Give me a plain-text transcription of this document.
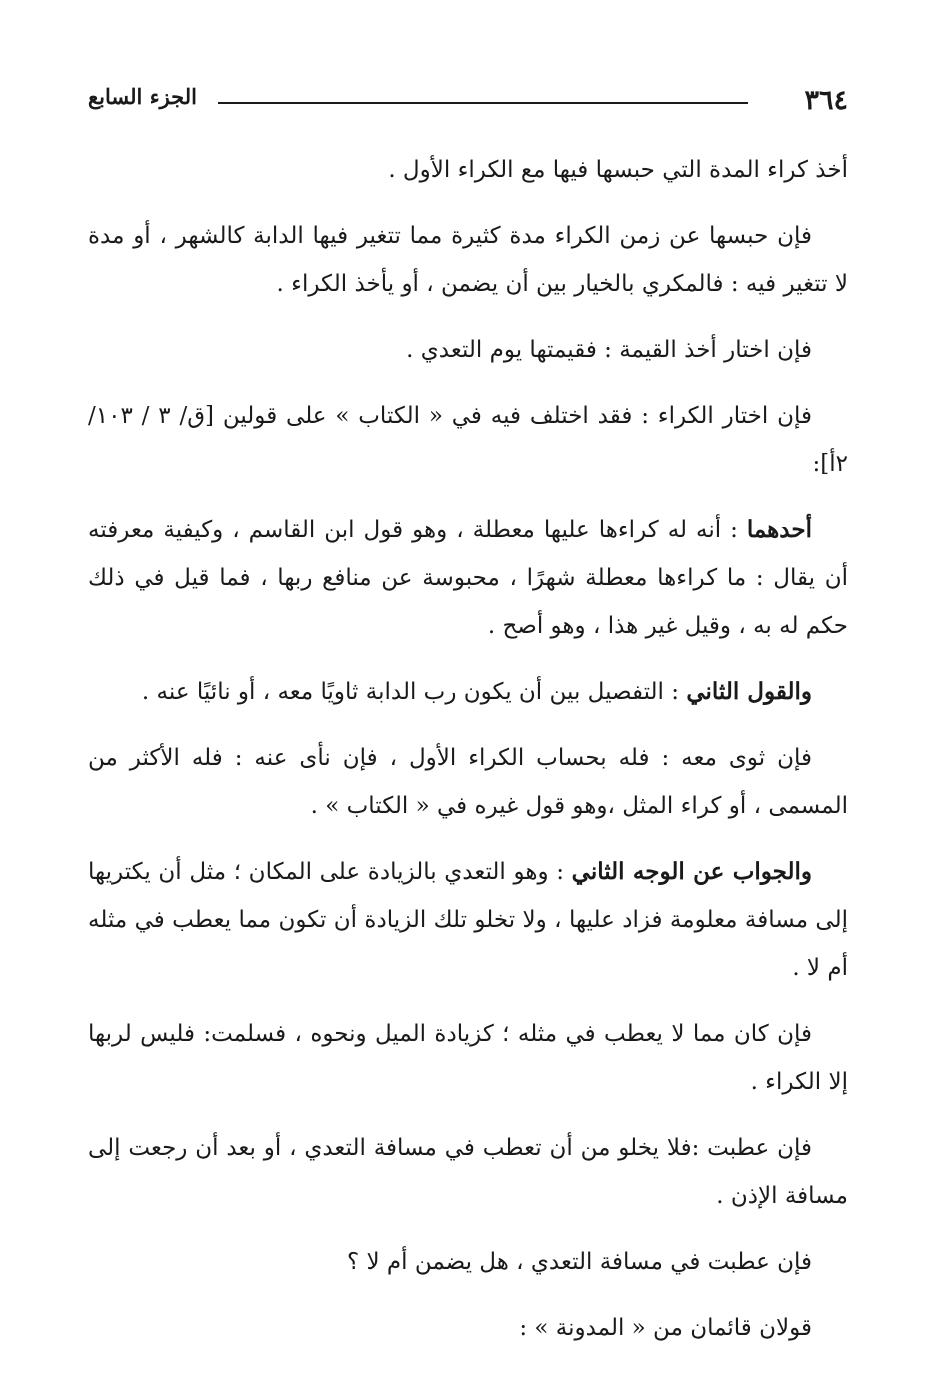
٣٦٤
الجزء السابع

أخذ كراء المدة التي حبسها فيها مع الكراء الأول .

فإن حبسها عن زمن الكراء مدة كثيرة مما تتغير فيها الدابة كالشهر ، أو مدة لا تتغير فيه : فالمكري بالخيار بين أن يضمن ، أو يأخذ الكراء .

فإن اختار أخذ القيمة : فقيمتها يوم التعدي .

فإن اختار الكراء : فقد اختلف فيه في « الكتاب » على قولين [ق/ ٣ / ١٠٣/ ٢أ]:

أحدهما : أنه له كراءها عليها معطلة ، وهو قول ابن القاسم ، وكيفية معرفته أن يقال : ما كراءها معطلة شهرًا ، محبوسة عن منافع ربها ، فما قيل في ذلك حكم له به ، وقيل غير هذا ، وهو أصح .

والقول الثاني : التفصيل بين أن يكون رب الدابة ثاويًا معه ، أو نائيًا عنه .

فإن ثوى معه : فله بحساب الكراء الأول ، فإن نأى عنه : فله الأكثر من المسمى ، أو كراء المثل ،وهو قول غيره في « الكتاب » .

والجواب عن الوجه الثاني : وهو التعدي بالزيادة على المكان ؛ مثل أن يكتريها إلى مسافة معلومة فزاد عليها ، ولا تخلو تلك الزيادة أن تكون مما يعطب في مثله أم لا .

فإن كان مما لا يعطب في مثله ؛ كزيادة الميل ونحوه ، فسلمت: فليس لربها إلا الكراء .

فإن عطبت :فلا يخلو من أن تعطب في مسافة التعدي ، أو بعد أن رجعت إلى مسافة الإذن .

فإن عطبت في مسافة التعدي ، هل يضمن أم لا ؟

قولان قائمان من « المدونة » :
